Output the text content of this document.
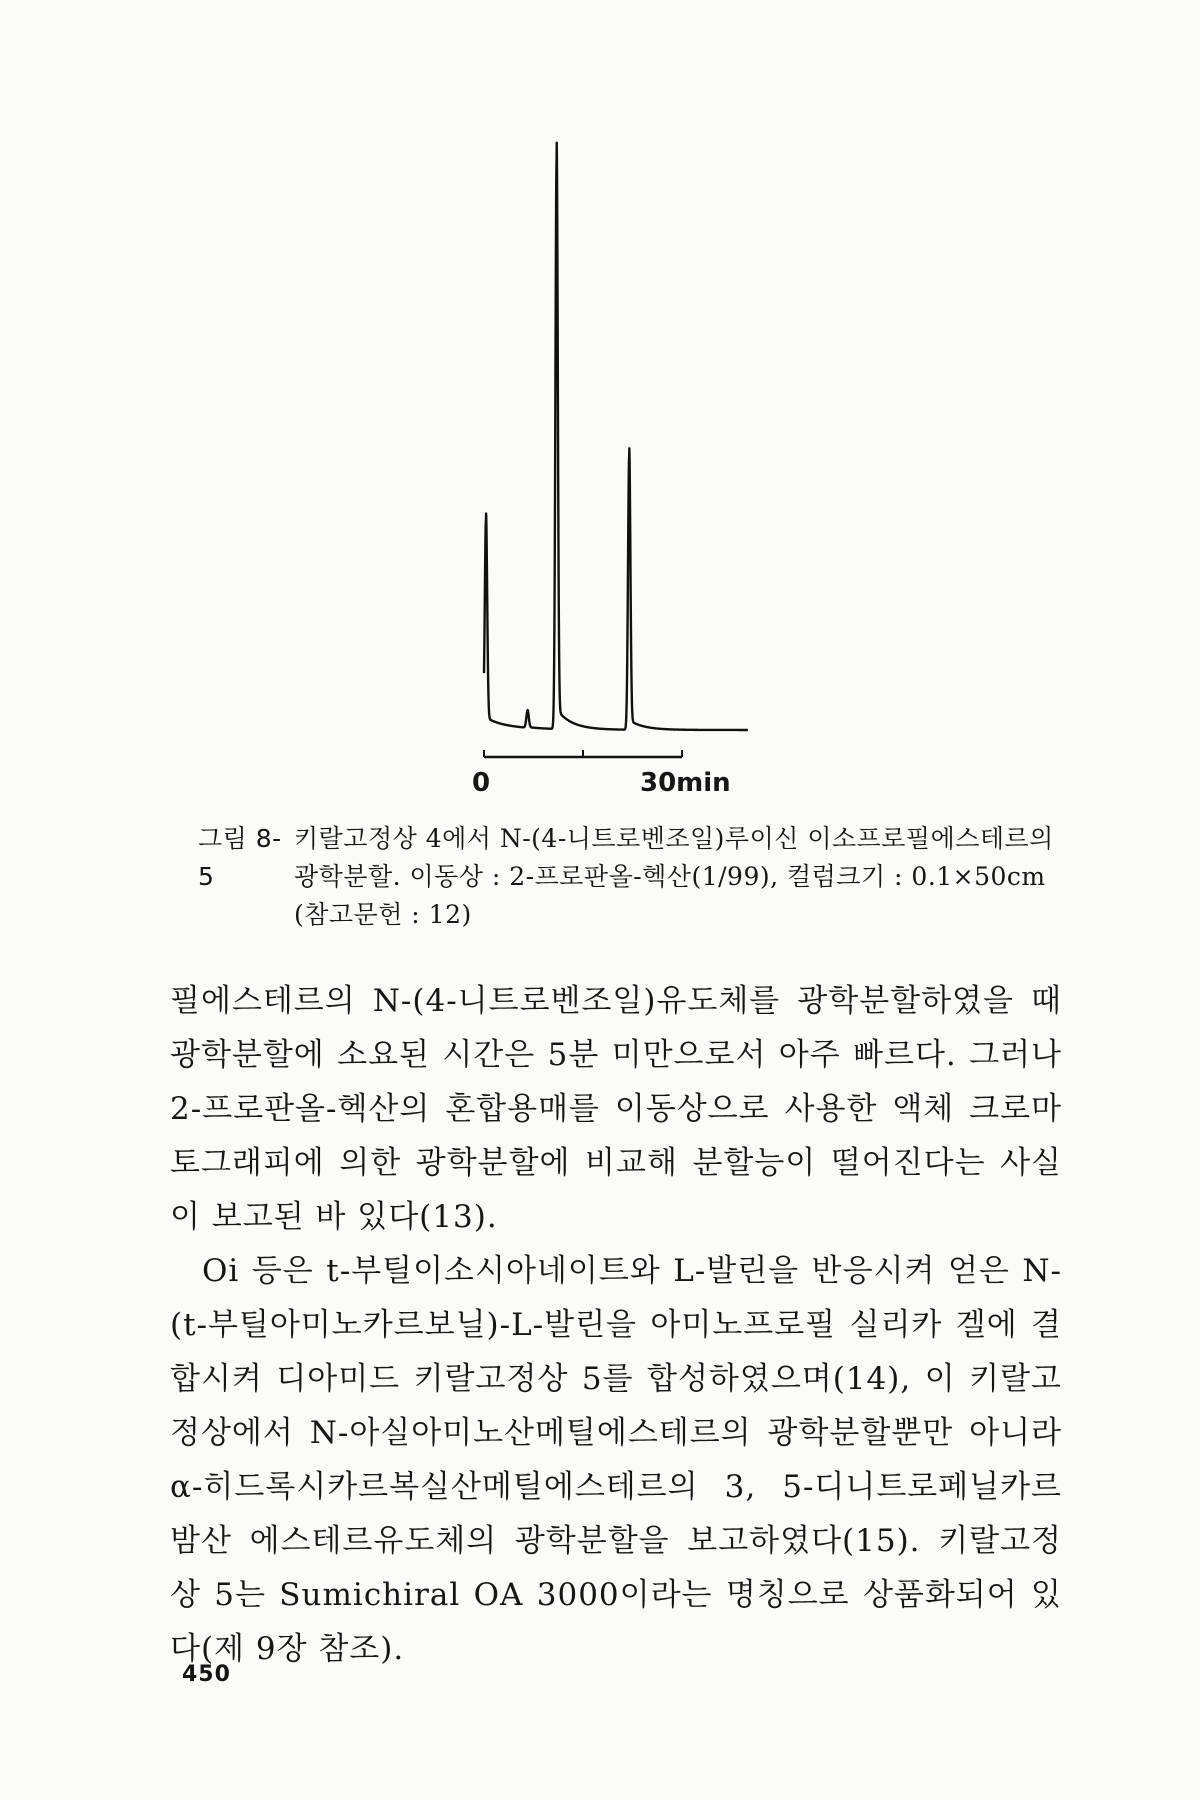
0	30min
그림 8-5
키랄고정상 4에서 N-(4-니트로벤조일)루이신 이소프로필에스테르의 광학분할. 이동상 : 2-프로판올-헥산(1/99), 컬럼크기 : 0.1×50cm (참고문헌 : 12)

필에스테르의 N-(4-니트로벤조일)유도체를 광학분할하였을 때 광학분할에 소요된 시간은 5분 미만으로서 아주 빠르다. 그러나 2-프로판올-헥산의 혼합용매를 이동상으로 사용한 액체 크로마토그래피에 의한 광학분할에 비교해 분할능이 떨어진다는 사실이 보고된 바 있다(13).

Oi 등은 t-부틸이소시아네이트와 L-발린을 반응시켜 얻은 N-(t-부틸아미노카르보닐)-L-발린을 아미노프로필 실리카 겔에 결합시켜 디아미드 키랄고정상 5를 합성하였으며(14), 이 키랄고정상에서 N-아실아미노산메틸에스테르의 광학분할뿐만 아니라 α-히드록시카르복실산메틸에스테르의 3, 5-디니트로페닐카르밤산 에스테르유도체의 광학분할을 보고하였다(15). 키랄고정상 5는 Sumichiral OA 3000이라는 명칭으로 상품화되어 있다(제 9장 참조).

450
